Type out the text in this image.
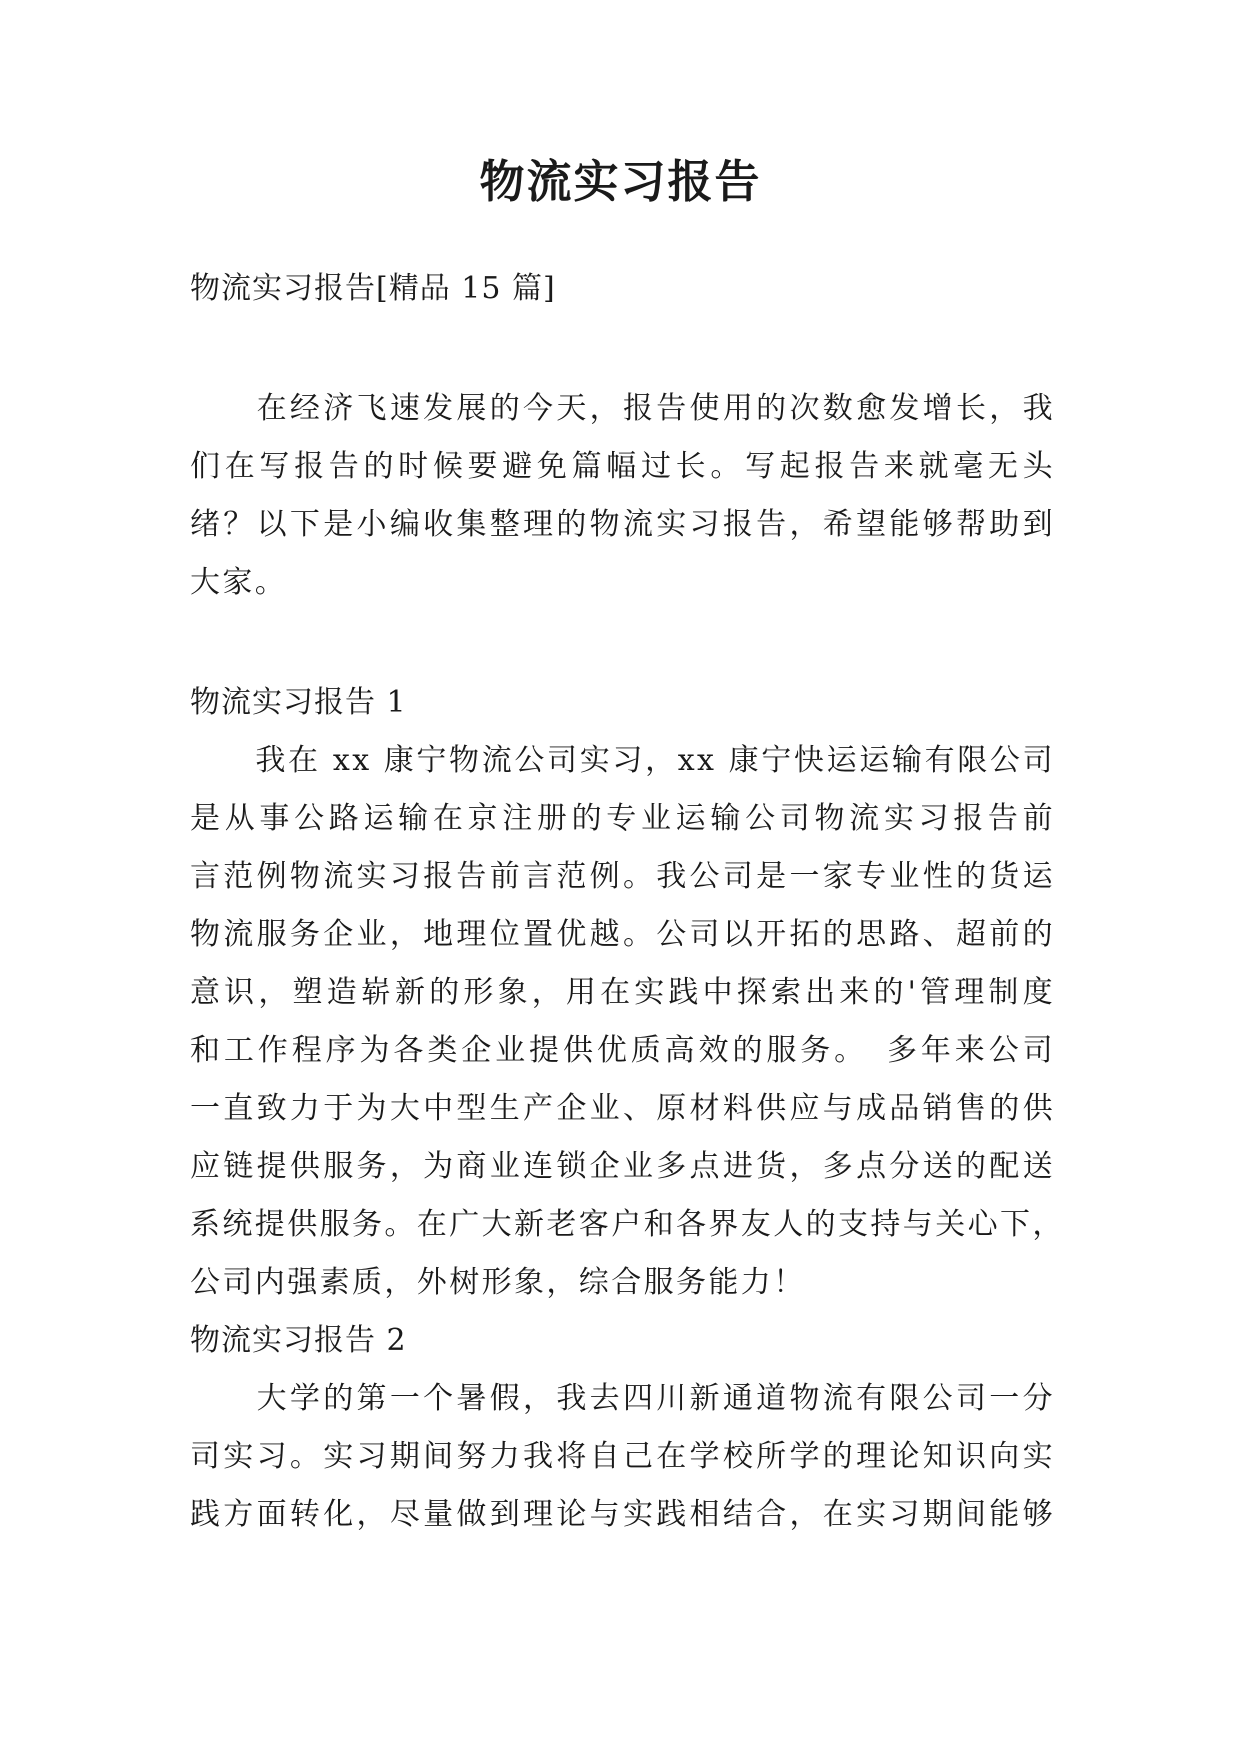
物流实习报告

物流实习报告[精品 15 篇]

　　在经济飞速发展的今天，报告使用的次数愈发增长，我

们在写报告的时候要避免篇幅过长。写起报告来就毫无头

绪？以下是小编收集整理的物流实习报告，希望能够帮助到

大家。

物流实习报告 1

　　我在 xx 康宁物流公司实习，xx 康宁快运运输有限公司

是从事公路运输在京注册的专业运输公司物流实习报告前

言范例物流实习报告前言范例。我公司是一家专业性的货运

物流服务企业，地理位置优越。公司以开拓的思路、超前的

意识，塑造崭新的形象，用在实践中探索出来的'管理制度

和工作程序为各类企业提供优质高效的服务。　多年来公司

一直致力于为大中型生产企业、原材料供应与成品销售的供

应链提供服务，为商业连锁企业多点进货，多点分送的配送

系统提供服务。在广大新老客户和各界友人的支持与关心下，

公司内强素质，外树形象，综合服务能力！

物流实习报告 2

　　大学的第一个暑假，我去四川新通道物流有限公司一分

司实习。实习期间努力我将自己在学校所学的理论知识向实

践方面转化，尽量做到理论与实践相结合，在实习期间能够
